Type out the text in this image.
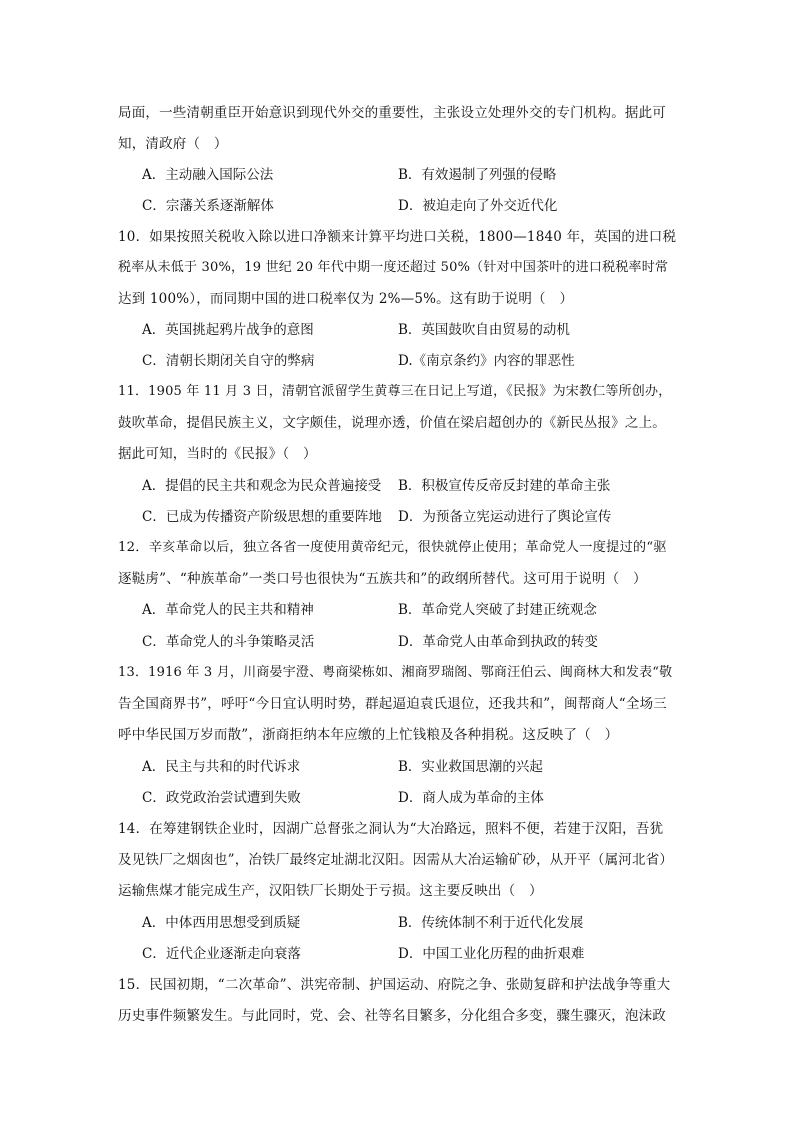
局面，一些清朝重臣开始意识到现代外交的重要性，主张设立处理外交的专门机构。据此可
知，清政府（　）
A．主动融入国际公法	B．有效遏制了列强的侵略
C．宗藩关系逐渐解体	D．被迫走向了外交近代化
10．如果按照关税收入除以进口净额来计算平均进口关税，1800—1840 年，英国的进口税
税率从未低于 30%，19 世纪 20 年代中期一度还超过 50%（针对中国茶叶的进口税税率时常
达到 100%），而同期中国的进口税率仅为 2%—5%。这有助于说明（　）
A．英国挑起鸦片战争的意图	B．英国鼓吹自由贸易的动机
C．清朝长期闭关自守的弊病	D.《南京条约》内容的罪恶性
11．1905 年 11 月 3 日，清朝官派留学生黄尊三在日记上写道，《民报》为宋教仁等所创办，
鼓吹革命，提倡民族主义，文字颇佳，说理亦透，价值在梁启超创办的《新民丛报》之上。
据此可知，当时的《民报》（　）
A．提倡的民主共和观念为民众普遍接受 B．积极宣传反帝反封建的革命主张
C．已成为传播资产阶级思想的重要阵地 D．为预备立宪运动进行了舆论宣传
12．辛亥革命以后，独立各省一度使用黄帝纪元，很快就停止使用；革命党人一度提过的“驱
逐鞑虏”、“种族革命”一类口号也很快为“五族共和”的政纲所替代。这可用于说明（　）
A．革命党人的民主共和精神	B．革命党人突破了封建正统观念
C．革命党人的斗争策略灵活	D．革命党人由革命到执政的转变
13．1916 年 3 月，川商晏宇澄、粤商梁栋如、湘商罗瑞阁、鄂商汪伯云、闽商林大和发表“敬
告全国商界书”，呼吁“今日宜认明时势，群起逼迫袁氏退位，还我共和”，闽帮商人“全场三
呼中华民国万岁而散”，浙商拒纳本年应缴的上忙钱粮及各种捐税。这反映了（　）
A．民主与共和的时代诉求	B．实业救国思潮的兴起
C．政党政治尝试遭到失败	D．商人成为革命的主体
14．在筹建钢铁企业时，因湖广总督张之洞认为“大冶路远，照料不便，若建于汉阳，吾犹
及见铁厂之烟囱也”，冶铁厂最终定址湖北汉阳。因需从大冶运输矿砂，从开平（属河北省）
运输焦煤才能完成生产，汉阳铁厂长期处于亏损。这主要反映出（　）
A．中体西用思想受到质疑	B．传统体制不利于近代化发展
C．近代企业逐渐走向衰落	D．中国工业化历程的曲折艰难
15．民国初期，“二次革命”、洪宪帝制、护国运动、府院之争、张勋复辟和护法战争等重大
历史事件频繁发生。与此同时，党、会、社等名目繁多，分化组合多变，骤生骤灭，泡沫政
